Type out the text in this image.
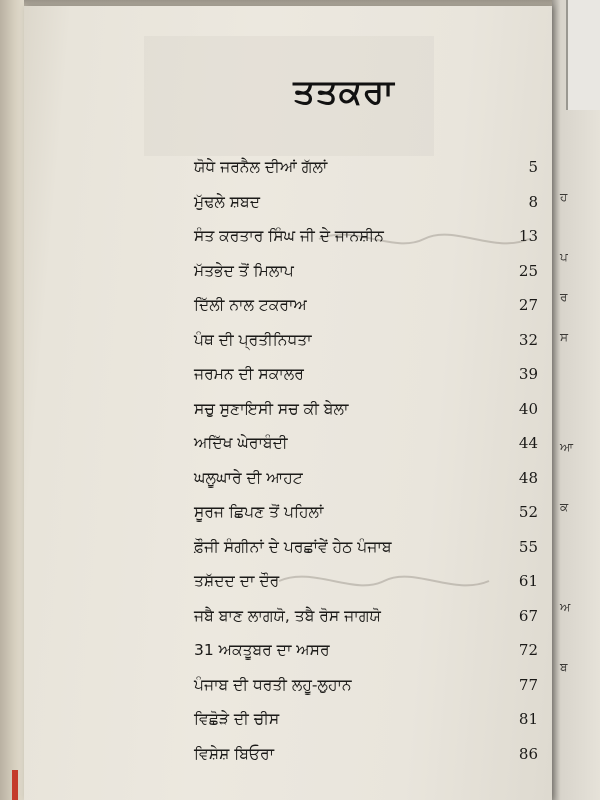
ਹ
ਪ
ਰ
ਸ
ਆ
ਕ
ਅ
ਬ
ਤਤਕਰਾ
ਯੋਧੇ ਜਰਨੈਲ ਦੀਆਂ ਗੱਲਾਂ	5
ਮੁੱਢਲੇ ਸ਼ਬਦ	8
ਸੰਤ ਕਰਤਾਰ ਸਿੰਘ ਜੀ ਦੇ ਜਾਨਸ਼ੀਨ	13
ਮੱਤਭੇਦ ਤੋਂ ਮਿਲਾਪ	25
ਦਿੱਲੀ ਨਾਲ ਟਕਰਾਅ	27
ਪੰਥ ਦੀ ਪ੍ਰਤੀਨਿਧਤਾ	32
ਜਰਮਨ ਦੀ ਸਕਾਲਰ	39
ਸਚੁ ਸੁਣਾਇਸੀ ਸਚ ਕੀ ਬੇਲਾ	40
ਅਦਿੱਖ ਘੇਰਾਬੰਦੀ	44
ਘਲੂਘਾਰੇ ਦੀ ਆਹਟ	48
ਸੂਰਜ ਛਿਪਣ ਤੋਂ ਪਹਿਲਾਂ	52
ਫ਼ੌਜੀ ਸੰਗੀਨਾਂ ਦੇ ਪਰਛਾਂਵੇਂ ਹੇਠ ਪੰਜਾਬ	55
ਤਸ਼ੱਦਦ ਦਾ ਦੌਰ	61
ਜਬੈ ਬਾਣ ਲਾਗਯੋ, ਤਬੈ ਰੋਸ ਜਾਗਯੋ	67
31 ਅਕਤੂਬਰ ਦਾ ਅਸਰ	72
ਪੰਜਾਬ ਦੀ ਧਰਤੀ ਲਹੂ-ਲੁਹਾਨ	77
ਵਿਛੋੜੇ ਦੀ ਚੀਸ	81
ਵਿਸ਼ੇਸ਼ ਬਿਓਰਾ	86
